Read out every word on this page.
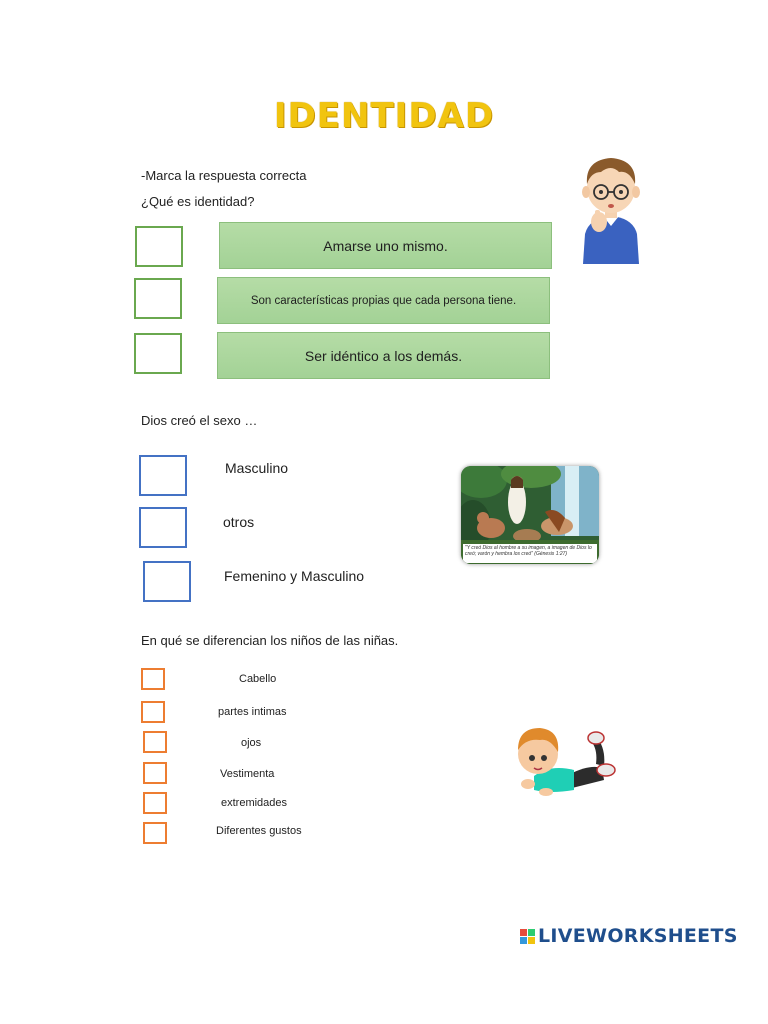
IDENTIDAD
-Marca la respuesta correcta
¿Qué es identidad?
Amarse uno mismo.
Son características propias que cada persona tiene.
Ser idéntico a los demás.
Dios creó el sexo …
Masculino
otros
Femenino y Masculino
"Y creó Dios al hombre a su imagen, a imagen de Dios lo creó; varón y hembra los creó" (Génesis 1:27)
En qué se diferencian los niños de las niñas.
Cabello
partes intimas
ojos
Vestimenta
extremidades
Diferentes gustos
LIVEWORKSHEETS
